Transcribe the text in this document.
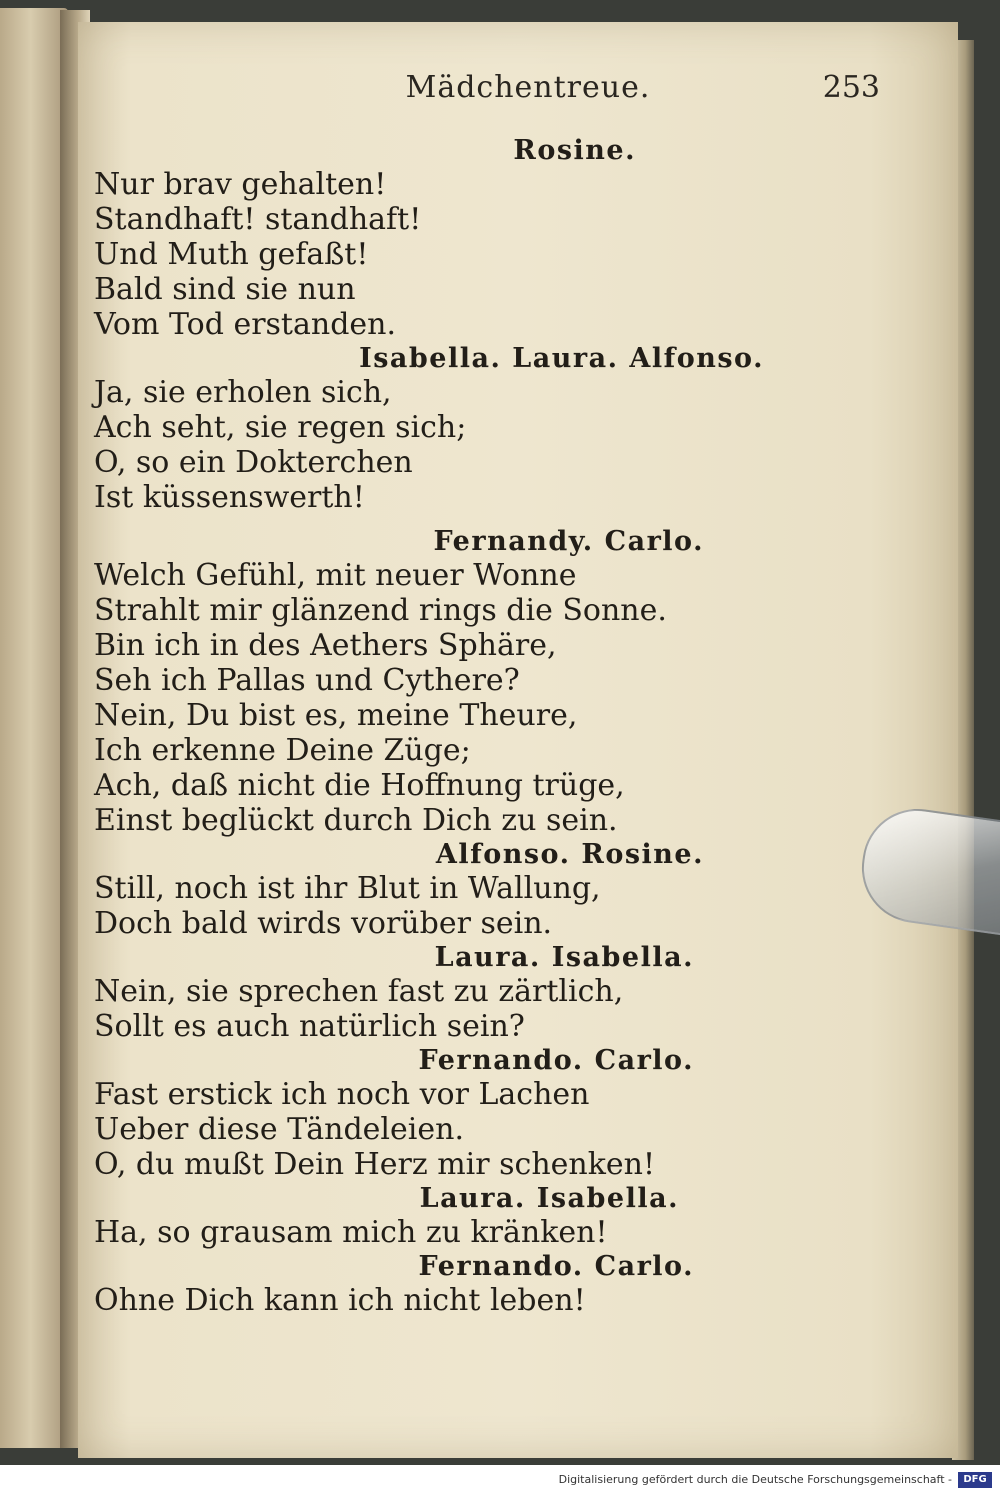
Mädchentreue.	253
Rosine.
Nur brav gehalten!
Standhaft! standhaft!
Und Muth gefaßt!
Bald sind sie nun
Vom Tod erstanden.
Isabella. Laura. Alfonso.
Ja, sie erholen sich,
Ach seht, sie regen sich;
O, so ein Dokterchen
Ist küssenswerth!
Fernandy. Carlo.
Welch Gefühl, mit neuer Wonne
Strahlt mir glänzend rings die Sonne.
Bin ich in des Aethers Sphäre,
Seh ich Pallas und Cythere?
Nein, Du bist es, meine Theure,
Ich erkenne Deine Züge;
Ach, daß nicht die Hoffnung trüge,
Einst beglückt durch Dich zu sein.
Alfonso. Rosine.
Still, noch ist ihr Blut in Wallung,
Doch bald wirds vorüber sein.
Laura. Isabella.
Nein, sie sprechen fast zu zärtlich,
Sollt es auch natürlich sein?
Fernando. Carlo.
Fast erstick ich noch vor Lachen
Ueber diese Tändeleien.
O, du mußt Dein Herz mir schenken!
Laura. Isabella.
Ha, so grausam mich zu kränken!
Fernando. Carlo.
Ohne Dich kann ich nicht leben!
Digitalisierung gefördert durch die Deutsche Forschungsgemeinschaft -	DFG
